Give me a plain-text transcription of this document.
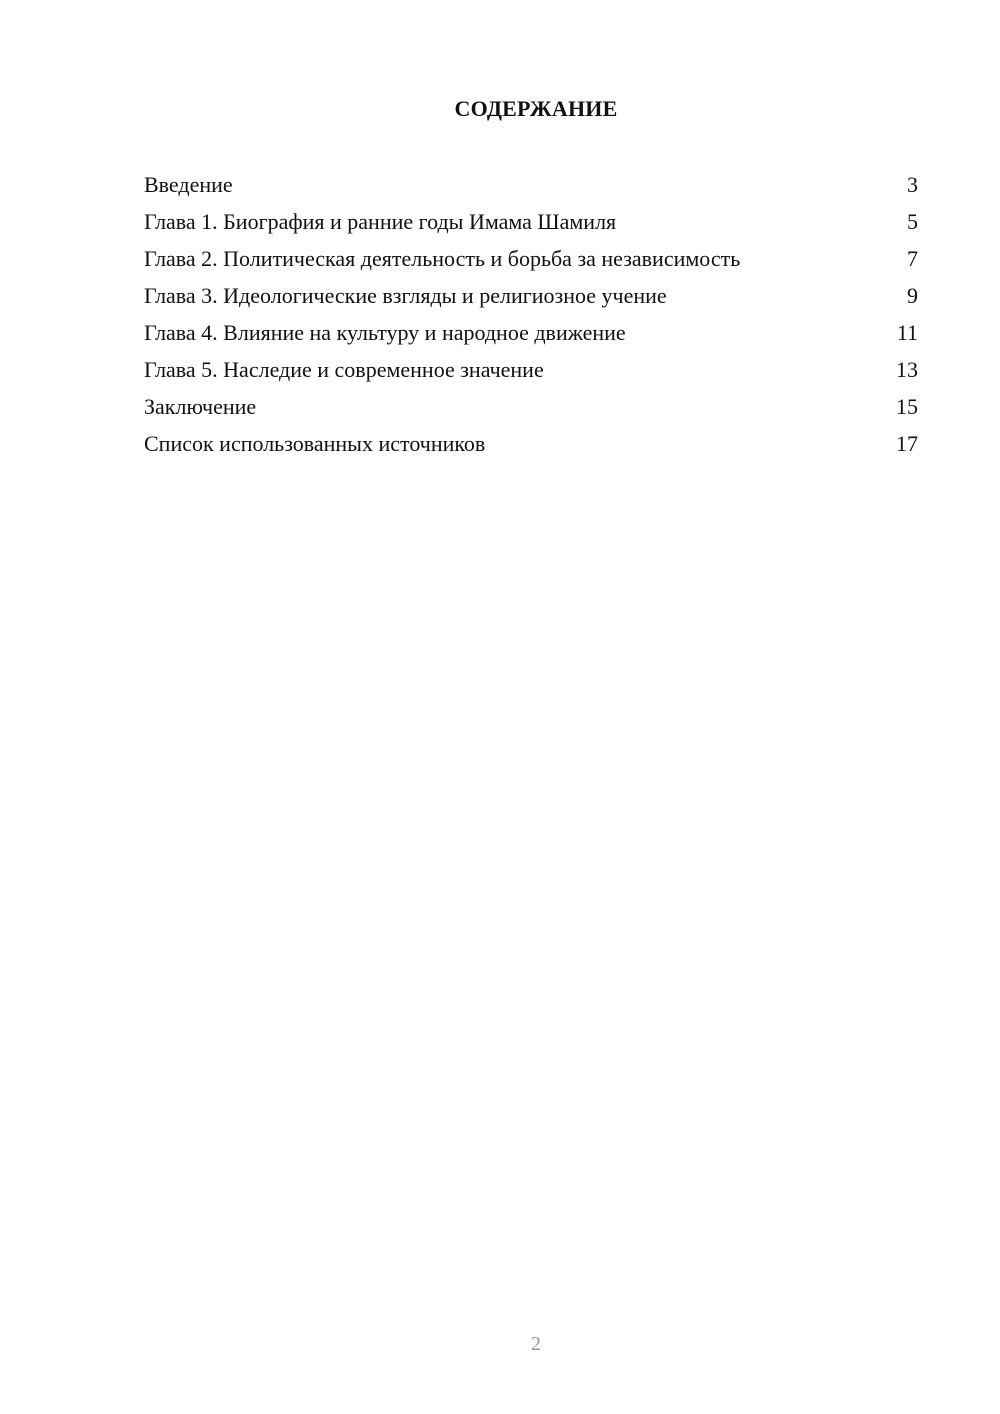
СОДЕРЖАНИЕ
Введение	3
Глава 1. Биография и ранние годы Имама Шамиля	5
Глава 2. Политическая деятельность и борьба за независимость	7
Глава 3. Идеологические взгляды и религиозное учение	9
Глава 4. Влияние на культуру и народное движение	11
Глава 5. Наследие и современное значение	13
Заключение	15
Список использованных источников	17
2
